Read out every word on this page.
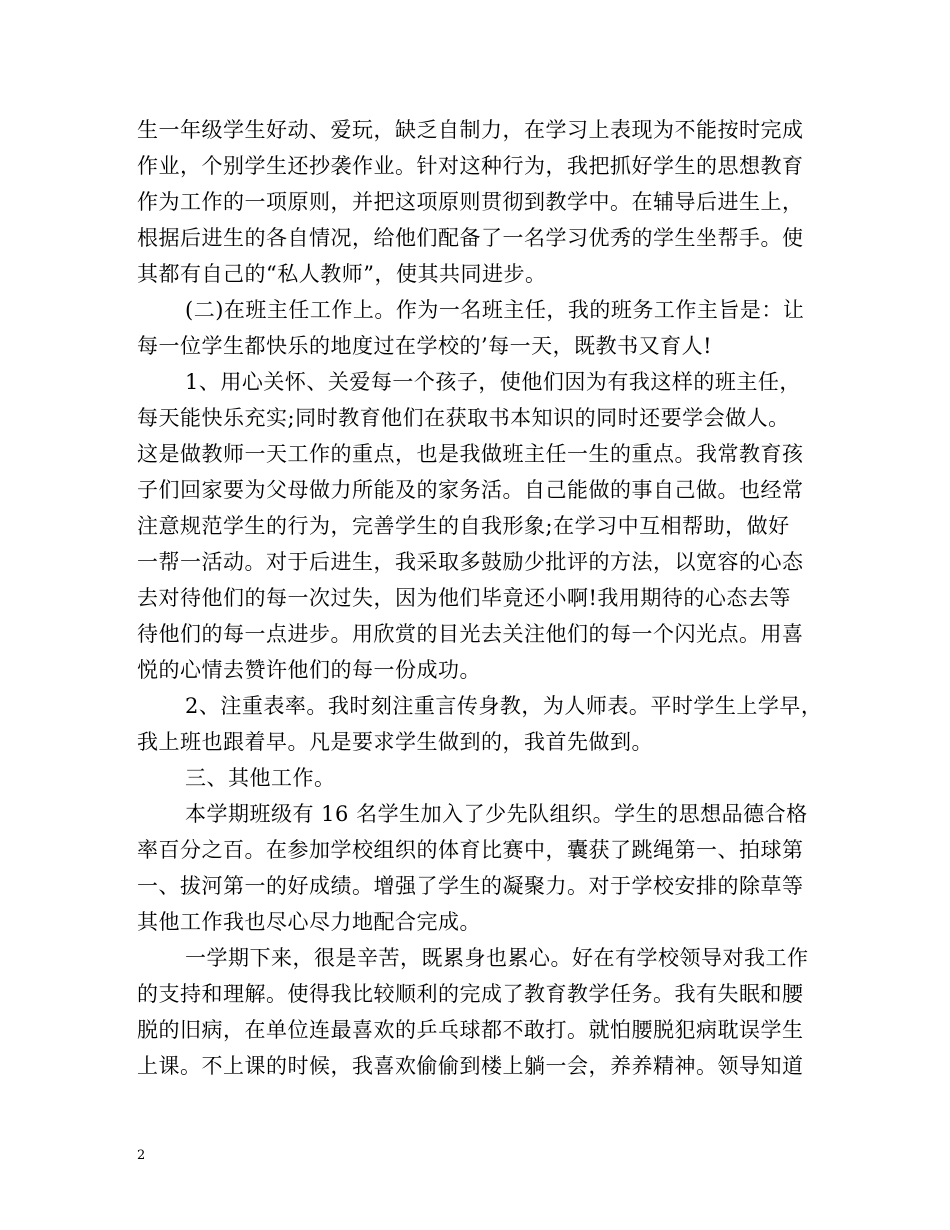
生一年级学生好动、爱玩，缺乏自制力，在学习上表现为不能按时完成
作业，个别学生还抄袭作业。针对这种行为，我把抓好学生的思想教育
作为工作的一项原则，并把这项原则贯彻到教学中。在辅导后进生上，
根据后进生的各自情况，给他们配备了一名学习优秀的学生坐帮手。使
其都有自己的“私人教师”，使其共同进步。
(二)在班主任工作上。作为一名班主任，我的班务工作主旨是：让
每一位学生都快乐的地度过在学校的’每一天，既教书又育人!
1、用心关怀、关爱每一个孩子，使他们因为有我这样的班主任，
每天能快乐充实;同时教育他们在获取书本知识的同时还要学会做人。
这是做教师一天工作的重点，也是我做班主任一生的重点。我常教育孩
子们回家要为父母做力所能及的家务活。自己能做的事自己做。也经常
注意规范学生的行为，完善学生的自我形象;在学习中互相帮助，做好
一帮一活动。对于后进生，我采取多鼓励少批评的方法，以宽容的心态
去对待他们的每一次过失，因为他们毕竟还小啊!我用期待的心态去等
待他们的每一点进步。用欣赏的目光去关注他们的每一个闪光点。用喜
悦的心情去赞许他们的每一份成功。
2、注重表率。我时刻注重言传身教，为人师表。平时学生上学早，
我上班也跟着早。凡是要求学生做到的，我首先做到。
三、其他工作。
本学期班级有 16 名学生加入了少先队组织。学生的思想品德合格
率百分之百。在参加学校组织的体育比赛中，囊获了跳绳第一、拍球第
一、拔河第一的好成绩。增强了学生的凝聚力。对于学校安排的除草等
其他工作我也尽心尽力地配合完成。
一学期下来，很是辛苦，既累身也累心。好在有学校领导对我工作
的支持和理解。使得我比较顺利的完成了教育教学任务。我有失眠和腰
脱的旧病，在单位连最喜欢的乒乓球都不敢打。就怕腰脱犯病耽误学生
上课。不上课的时候，我喜欢偷偷到楼上躺一会，养养精神。领导知道
2
